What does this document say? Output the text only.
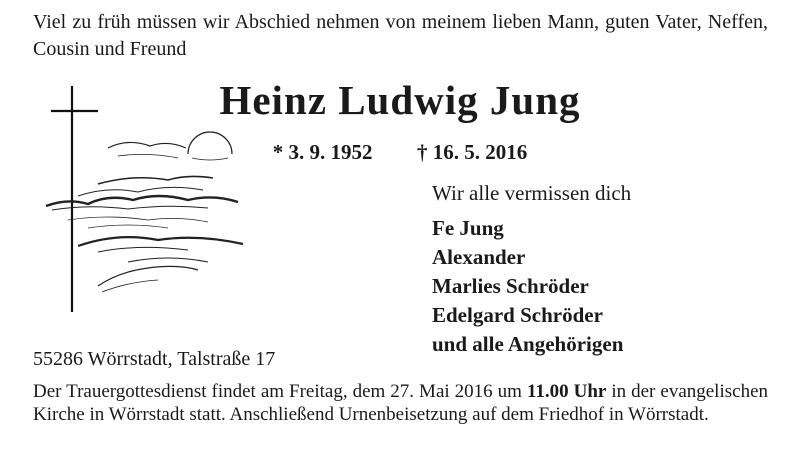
Viel zu früh müssen wir Abschied nehmen von meinem lieben Mann, guten Vater, Neffen, Cousin und Freund
Heinz Ludwig Jung
* 3. 9. 1952 † 16. 5. 2016
Wir alle vermissen dich
Fe Jung
Alexander
Marlies Schröder
Edelgard Schröder
und alle Angehörigen
55286 Wörrstadt, Talstraße 17
Der Trauergottesdienst findet am Freitag, dem 27. Mai 2016 um 11.00 Uhr in der evangelischen Kirche in Wörrstadt statt. Anschließend Urnenbeisetzung auf dem Friedhof in Wörrstadt.
